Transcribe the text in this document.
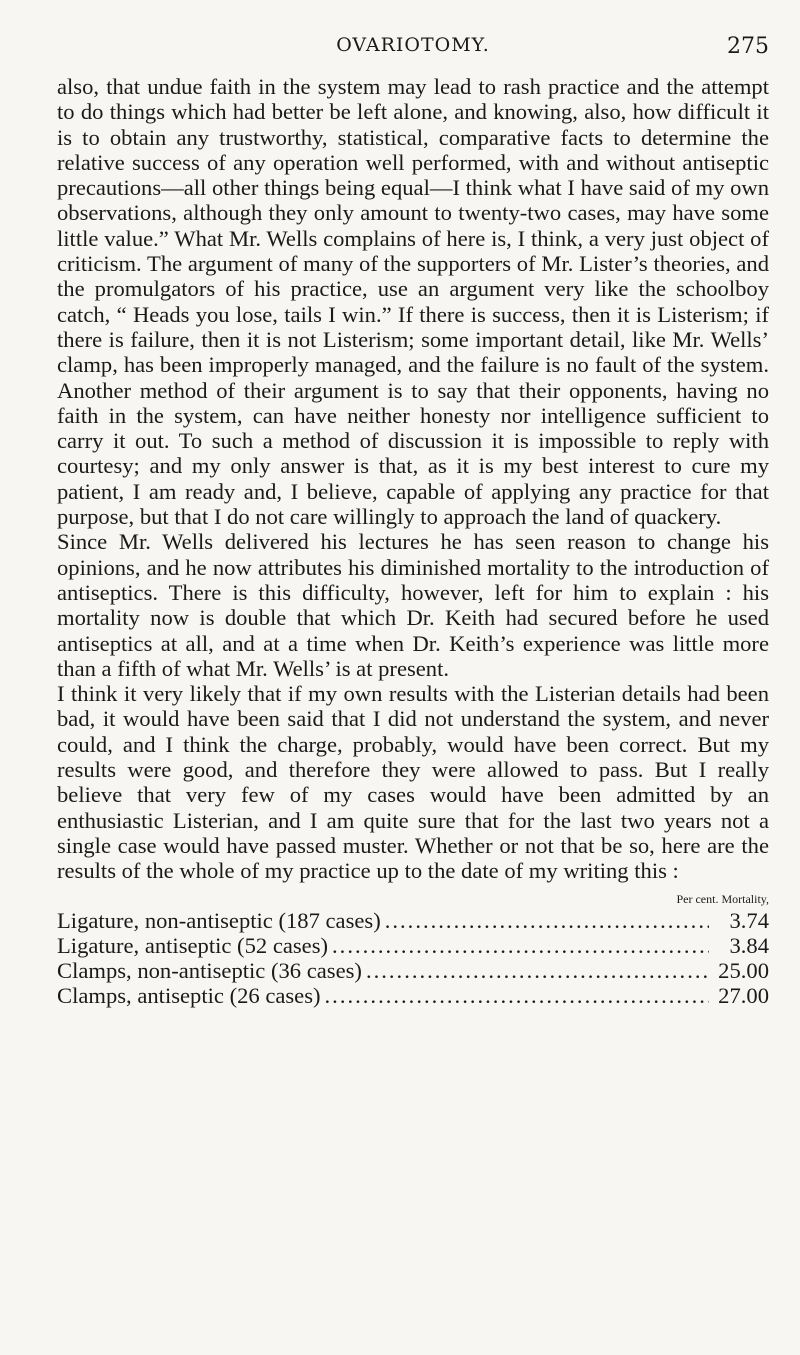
OVARIOTOMY.	275

also, that undue faith in the system may lead to rash practice and the attempt to do things which had better be left alone, and knowing, also, how difficult it is to obtain any trustworthy, statistical, comparative facts to determine the relative success of any operation well performed, with and without antiseptic precautions—all other things being equal—I think what I have said of my own observations, although they only amount to twenty-two cases, may have some little value.” What Mr. Wells complains of here is, I think, a very just object of criticism. The argument of many of the supporters of Mr. Lister’s theories, and the promulgators of his practice, use an argument very like the schoolboy catch, “ Heads you lose, tails I win.” If there is success, then it is Listerism; if there is failure, then it is not Listerism; some important detail, like Mr. Wells’ clamp, has been improperly managed, and the failure is no fault of the system. Another method of their argument is to say that their opponents, having no faith in the system, can have neither honesty nor intelligence sufficient to carry it out. To such a method of discussion it is impossible to reply with courtesy; and my only answer is that, as it is my best interest to cure my patient, I am ready and, I believe, capable of applying any practice for that purpose, but that I do not care willingly to approach the land of quackery.

Since Mr. Wells delivered his lectures he has seen reason to change his opinions, and he now attributes his diminished mortality to the introduction of antiseptics. There is this difficulty, however, left for him to explain : his mortality now is double that which Dr. Keith had secured before he used antiseptics at all, and at a time when Dr. Keith’s experience was little more than a fifth of what Mr. Wells’ is at present.

I think it very likely that if my own results with the Listerian details had been bad, it would have been said that I did not understand the system, and never could, and I think the charge, probably, would have been correct. But my results were good, and therefore they were allowed to pass. But I really believe that very few of my cases would have been admitted by an enthusiastic Listerian, and I am quite sure that for the last two years not a single case would have passed muster. Whether or not that be so, here are the results of the whole of my practice up to the date of my writing this :

Per cent. Mortality,
Ligature, non-antiseptic (187 cases) .....	3.74
Ligature, antiseptic (52 cases) .....	3.84
Clamps, non-antiseptic (36 cases) .....	25.00
Clamps, antiseptic (26 cases) .....	27.00
